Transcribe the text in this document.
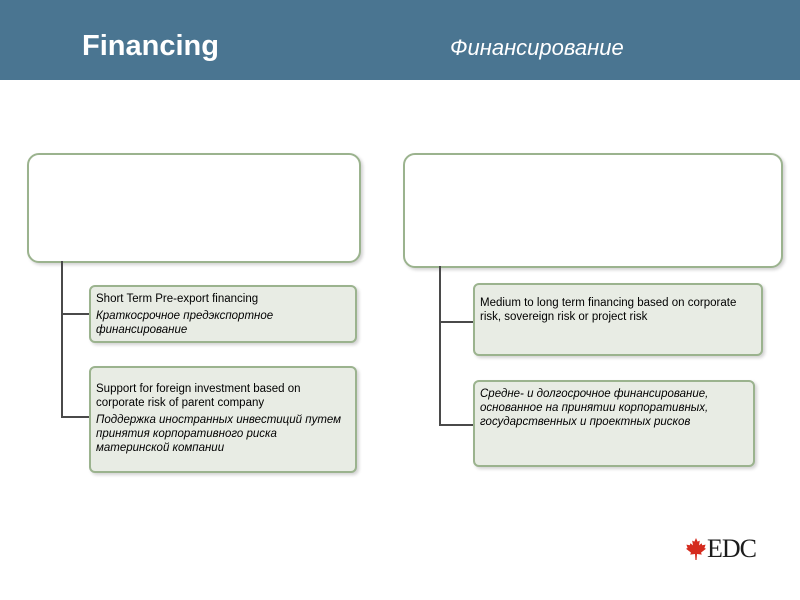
Financing	Финансирование

Short Term Pre-export financing

Краткосрочное предэкспортное финансирование

Support for foreign investment based on corporate risk of parent company

Поддержка иностранных инвестиций путем принятия корпоративного риска материнской компании

Medium to long term financing based on corporate risk, sovereign risk or project risk

Средне- и долгосрочное финансирование, основанное на принятии корпоративных, государственных и проектных рисков

EDC
